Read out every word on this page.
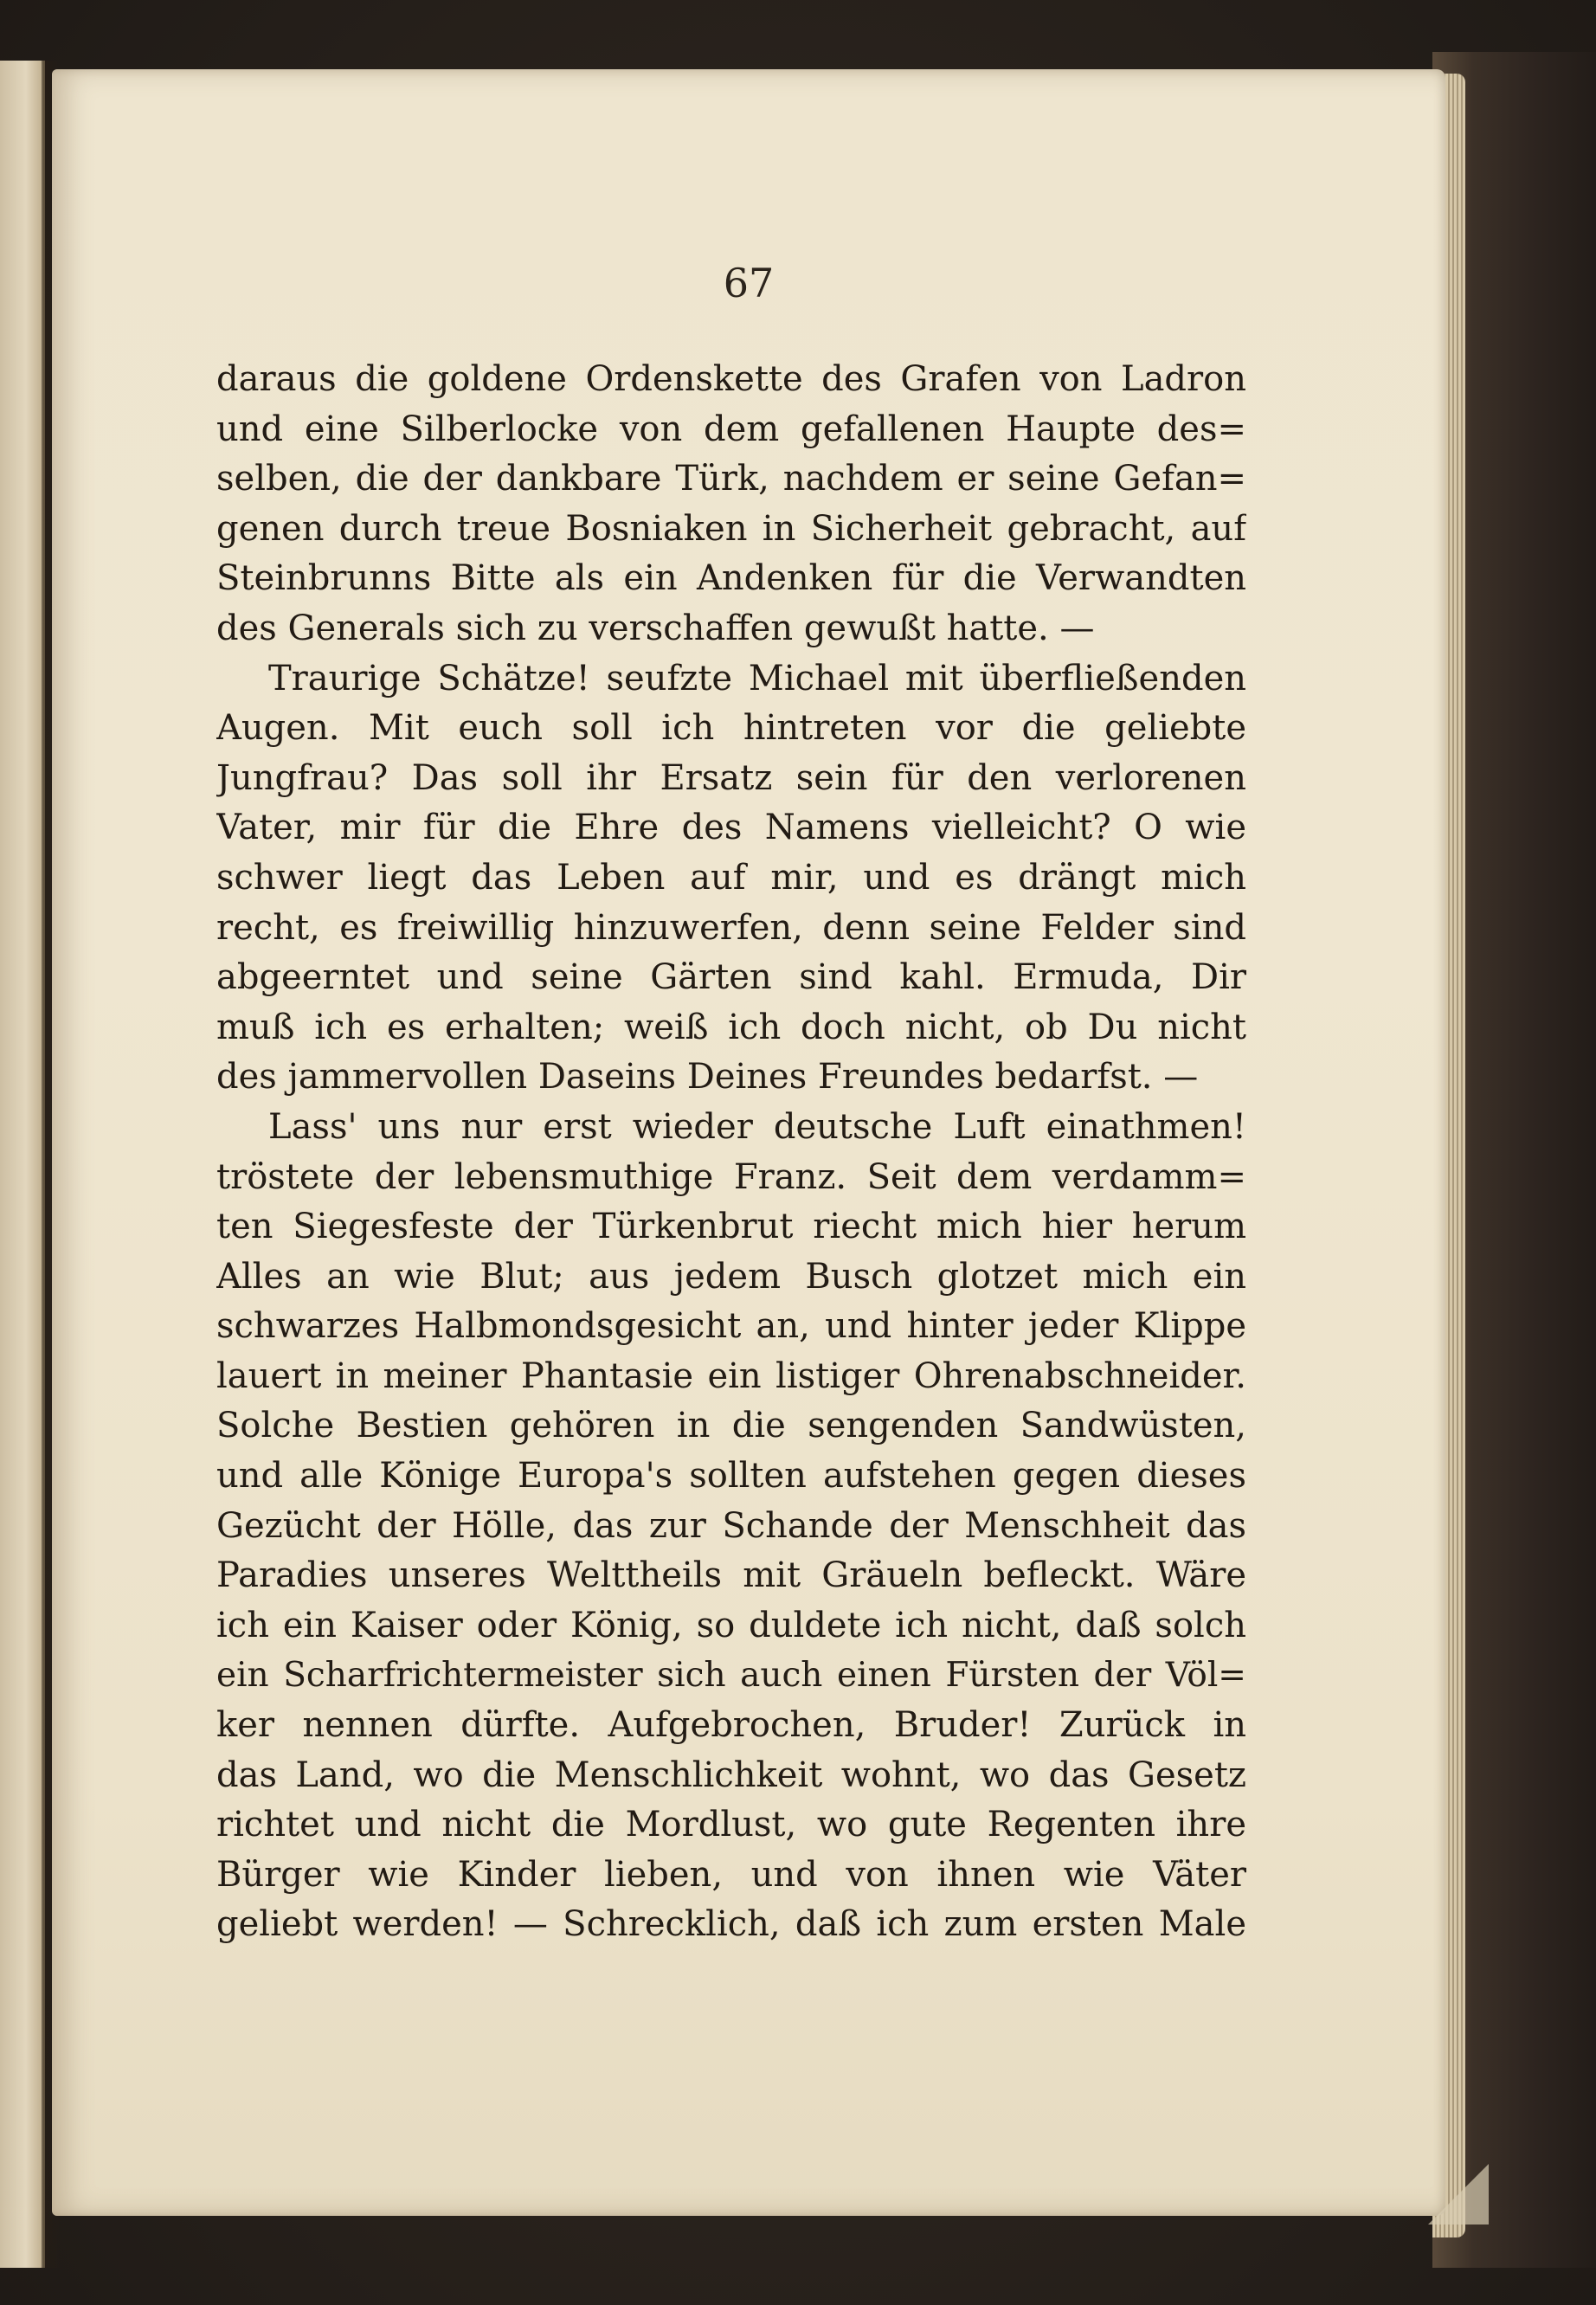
67
daraus die goldene Ordenskette des Grafen von Ladron
und eine Silberlocke von dem gefallenen Haupte des=
selben, die der dankbare Türk, nachdem er seine Gefan=
genen durch treue Bosniaken in Sicherheit gebracht, auf
Steinbrunns Bitte als ein Andenken für die Verwandten
des Generals sich zu verschaffen gewußt hatte. —
Traurige Schätze! seufzte Michael mit überfließenden
Augen. Mit euch soll ich hintreten vor die geliebte
Jungfrau? Das soll ihr Ersatz sein für den verlorenen
Vater, mir für die Ehre des Namens vielleicht? O wie
schwer liegt das Leben auf mir, und es drängt mich
recht, es freiwillig hinzuwerfen, denn seine Felder sind
abgeerntet und seine Gärten sind kahl. Ermuda, Dir
muß ich es erhalten; weiß ich doch nicht, ob Du nicht
des jammervollen Daseins Deines Freundes bedarfst. —
Lass' uns nur erst wieder deutsche Luft einathmen!
tröstete der lebensmuthige Franz. Seit dem verdamm=
ten Siegesfeste der Türkenbrut riecht mich hier herum
Alles an wie Blut; aus jedem Busch glotzet mich ein
schwarzes Halbmondsgesicht an, und hinter jeder Klippe
lauert in meiner Phantasie ein listiger Ohrenabschneider.
Solche Bestien gehören in die sengenden Sandwüsten,
und alle Könige Europa's sollten aufstehen gegen dieses
Gezücht der Hölle, das zur Schande der Menschheit das
Paradies unseres Welttheils mit Gräueln befleckt. Wäre
ich ein Kaiser oder König, so duldete ich nicht, daß solch
ein Scharfrichtermeister sich auch einen Fürsten der Völ=
ker nennen dürfte. Aufgebrochen, Bruder! Zurück in
das Land, wo die Menschlichkeit wohnt, wo das Gesetz
richtet und nicht die Mordlust, wo gute Regenten ihre
Bürger wie Kinder lieben, und von ihnen wie Väter
geliebt werden! — Schrecklich, daß ich zum ersten Male
